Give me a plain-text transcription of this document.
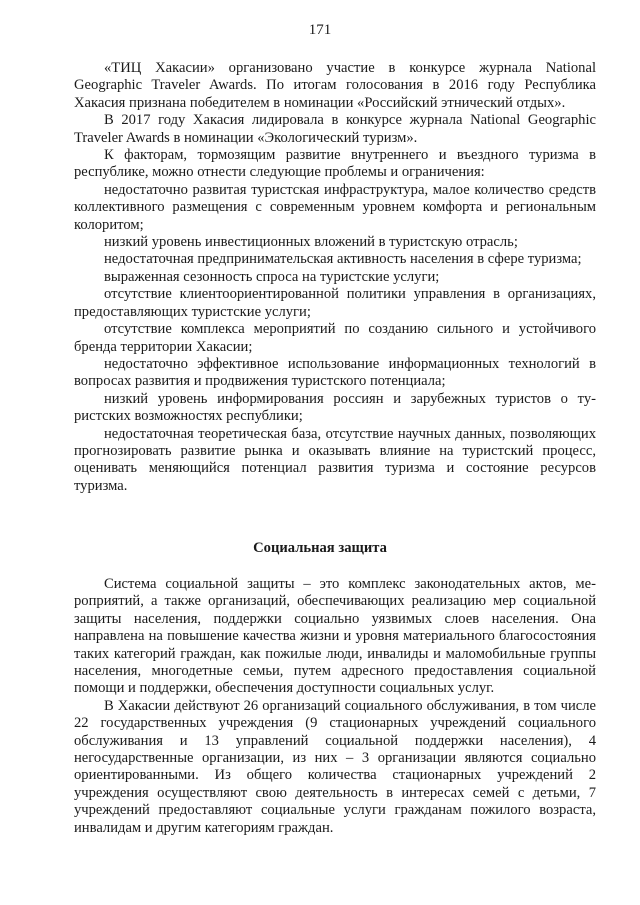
171

«ТИЦ Хакасии» организовано участие в конкурсе журнала National Geographic Traveler Awards. По итогам голосования в 2016 году Республика Хакасия признана победителем в номинации «Российский этнический отдых».

В 2017 году Хакасия лидировала в конкурсе журнала National Geographic Traveler Awards в номинации «Экологический туризм».

К факторам, тормозящим развитие внутреннего и въездного туризма в республике, можно отнести следующие проблемы и ограничения:

недостаточно развитая туристская инфраструктура, малое количество средств коллективного размещения с современным уровнем комфорта и региональным колоритом;

низкий уровень инвестиционных вложений в туристскую отрасль;

недостаточная предпринимательская активность населения в сфере туризма;

выраженная сезонность спроса на туристские услуги;

отсутствие клиентоориентированной политики управления в организациях, предоставляющих туристские услуги;

отсутствие комплекса мероприятий по созданию сильного и устойчивого бренда территории Хакасии;

недостаточно эффективное использование информационных технологий в вопросах развития и продвижения туристского потенциала;

низкий уровень информирования россиян и зарубежных туристов о туристских возможностях республики;

недостаточная теоретическая база, отсутствие научных данных, позволяющих прогнозировать развитие рынка и оказывать влияние на туристский процесс, оценивать меняющийся потенциал развития туризма и состояние ресурсов туризма.

Социальная защита

Система социальной защиты – это комплекс законодательных актов, мероприятий, а также организаций, обеспечивающих реализацию мер социальной защиты населения, поддержки социально уязвимых слоев населения. Она направлена на повышение качества жизни и уровня материального благосостояния таких категорий граждан, как пожилые люди, инвалиды и маломобильные группы населения, многодетные семьи, путем адресного предоставления социальной помощи и поддержки, обеспечения доступности социальных услуг.

В Хакасии действуют 26 организаций социального обслуживания, в том числе 22 государственных учреждения (9 стационарных учреждений социального обслуживания и 13 управлений социальной поддержки населения), 4 негосударственные организации, из них – 3 организации являются социально ориентированными. Из общего количества стационарных учреждений 2 учреждения осуществляют свою деятельность в интересах семей с детьми, 7 учреждений предоставляют социальные услуги гражданам пожилого возраста, инвалидам и другим категориям граждан.
